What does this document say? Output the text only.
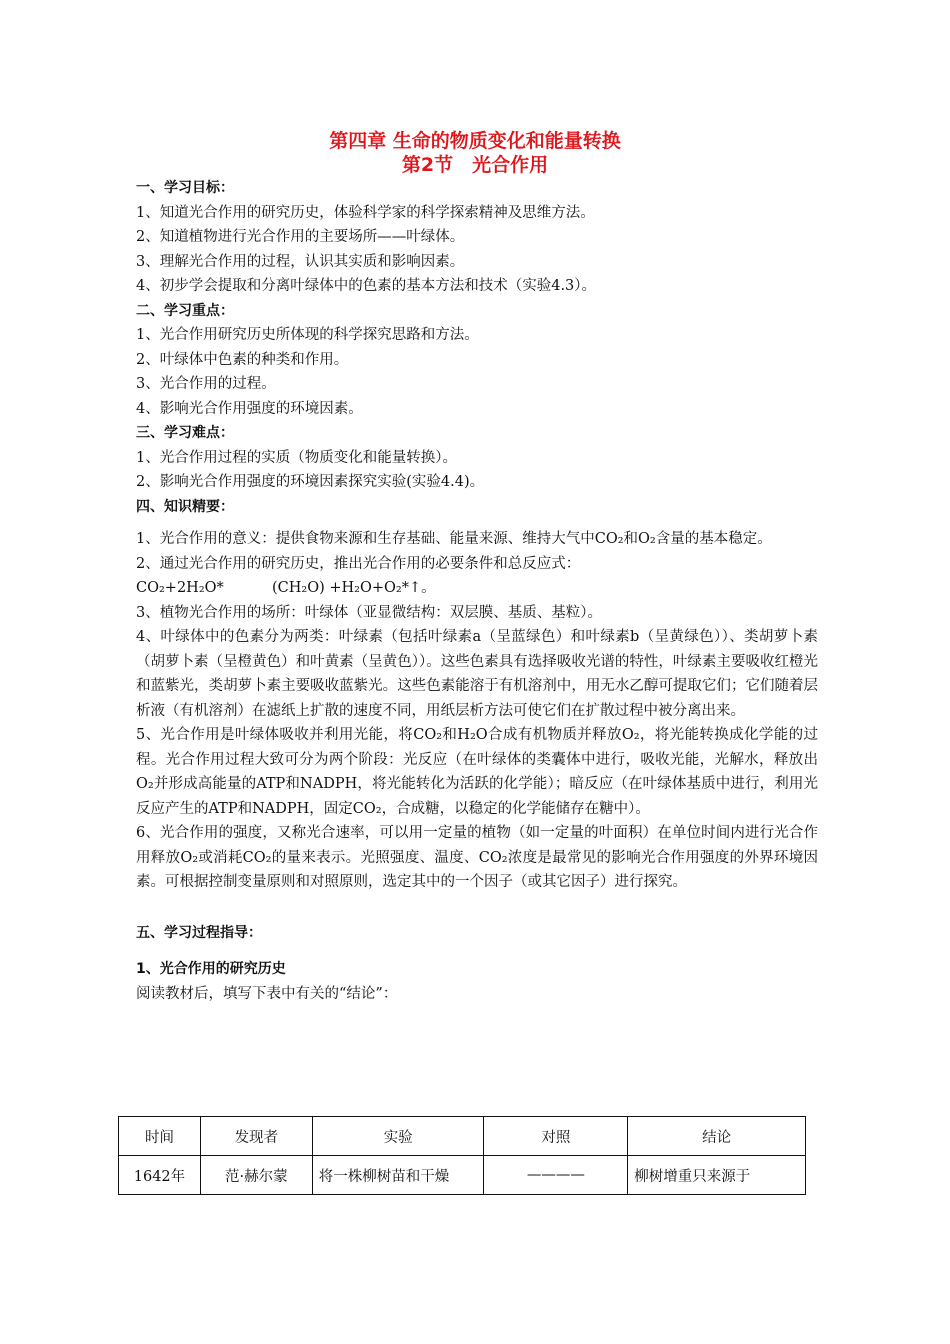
第四章 生命的物质变化和能量转换
第2节　光合作用
一、学习目标：
1、知道光合作用的研究历史，体验科学家的科学探索精神及思维方法。
2、知道植物进行光合作用的主要场所——叶绿体。
3、理解光合作用的过程，认识其实质和影响因素。
4、初步学会提取和分离叶绿体中的色素的基本方法和技术（实验4.3）。
二、学习重点：
1、光合作用研究历史所体现的科学探究思路和方法。
2、叶绿体中色素的种类和作用。
3、光合作用的过程。
4、影响光合作用强度的环境因素。
三、学习难点：
1、光合作用过程的实质（物质变化和能量转换）。
2、影响光合作用强度的环境因素探究实验(实验4.4)。
四、知识精要：
1、光合作用的意义：提供食物来源和生存基础、能量来源、维持大气中CO₂和O₂含量的基本稳定。
2、通过光合作用的研究历史，推出光合作用的必要条件和总反应式：
CO₂+2H₂O*	(CH₂O) +H₂O+O₂*↑。
3、植物光合作用的场所：叶绿体（亚显微结构：双层膜、基质、基粒）。
4、叶绿体中的色素分为两类：叶绿素（包括叶绿素a（呈蓝绿色）和叶绿素b（呈黄绿色））、类胡萝卜素（胡萝卜素（呈橙黄色）和叶黄素（呈黄色））。这些色素具有选择吸收光谱的特性，叶绿素主要吸收红橙光和蓝紫光，类胡萝卜素主要吸收蓝紫光。这些色素能溶于有机溶剂中，用无水乙醇可提取它们；它们随着层析液（有机溶剂）在滤纸上扩散的速度不同，用纸层析方法可使它们在扩散过程中被分离出来。
5、光合作用是叶绿体吸收并利用光能，将CO₂和H₂O合成有机物质并释放O₂，将光能转换成化学能的过程。光合作用过程大致可分为两个阶段：光反应（在叶绿体的类囊体中进行，吸收光能，光解水，释放出O₂并形成高能量的ATP和NADPH，将光能转化为活跃的化学能）；暗反应（在叶绿体基质中进行，利用光反应产生的ATP和NADPH，固定CO₂，合成糖，以稳定的化学能储存在糖中）。
6、光合作用的强度，又称光合速率，可以用一定量的植物（如一定量的叶面积）在单位时间内进行光合作用释放O₂或消耗CO₂的量来表示。光照强度、温度、CO₂浓度是最常见的影响光合作用强度的外界环境因素。可根据控制变量原则和对照原则，选定其中的一个因子（或其它因子）进行探究。
五、学习过程指导：
1、光合作用的研究历史
阅读教材后，填写下表中有关的“结论”：
时间	发现者	实验	对照	结论
1642年	范·赫尔蒙	将一株柳树苗和干燥	————	柳树增重只来源于
